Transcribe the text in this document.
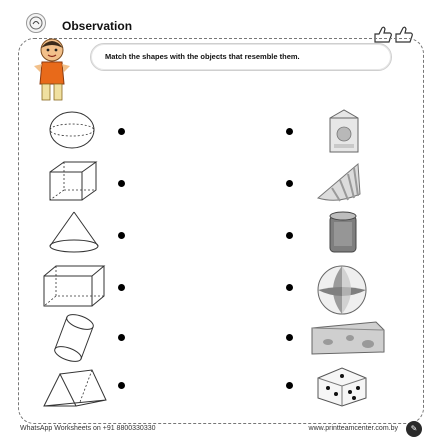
Observation
Match the shapes with the objects that resemble them.
WhatsApp Worksheets on +91 8800330330	www.printteamcenter.com.by	✎
